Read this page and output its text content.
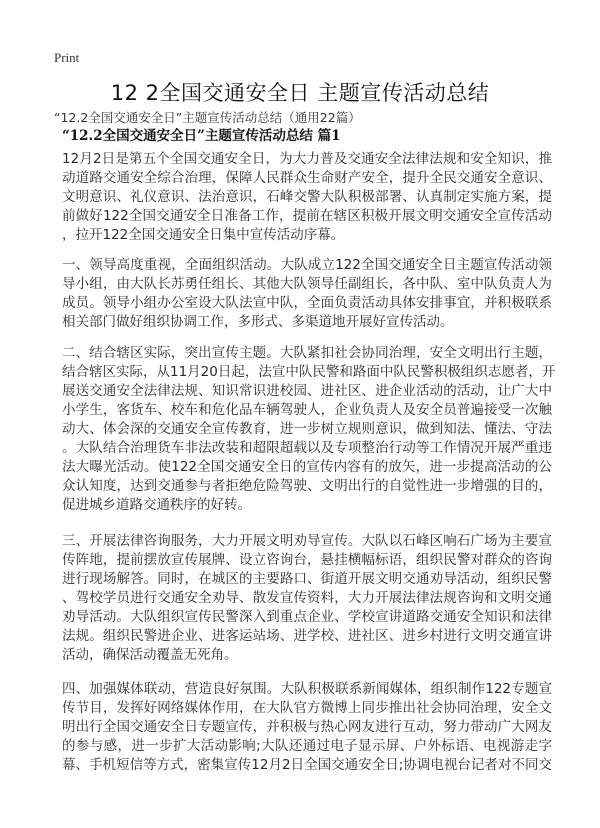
Print
12 2全国交通安全日 主题宣传活动总结
“12.2全国交通安全日”主题宣传活动总结（通用22篇）
“12.2全国交通安全日”主题宣传活动总结 篇1
12月2日是第五个全国交通安全日，为大力普及交通安全法律法规和安全知识，推
动道路交通安全综合治理，保障人民群众生命财产安全，提升全民交通安全意识、
文明意识、礼仪意识、法治意识，石峰交警大队积极部署、认真制定实施方案，提
前做好122全国交通安全日准备工作，提前在辖区积极开展文明交通安全宣传活动
，拉开122全国交通安全日集中宣传活动序幕。
一、领导高度重视，全面组织活动。大队成立122全国交通安全日主题宣传活动领
导小组，由大队长苏勇任组长、其他大队领导任副组长，各中队、室中队负责人为
成员。领导小组办公室设大队法宣中队，全面负责活动具体安排事宜，并积极联系
相关部门做好组织协调工作，多形式、多渠道地开展好宣传活动。
二、结合辖区实际，突出宣传主题。大队紧扣社会协同治理，安全文明出行主题，
结合辖区实际，从11月20日起，法宣中队民警和路面中队民警积极组织志愿者，开
展送交通安全法律法规、知识常识进校园、进社区、进企业活动的活动，让广大中
小学生，客货车、校车和危化品车辆驾驶人，企业负责人及安全员普遍接受一次触
动大、体会深的交通安全宣传教育，进一步树立规则意识，做到知法、懂法、守法
。大队结合治理货车非法改装和超限超载以及专项整治行动等工作情况开展严重违
法大曝光活动。使122全国交通安全日的宣传内容有的放矢，进一步提高活动的公
众认知度，达到交通参与者拒绝危险驾驶、文明出行的自觉性进一步增强的目的，
促进城乡道路交通秩序的好转。
三、开展法律咨询服务，大力开展文明劝导宣传。大队以石峰区响石广场为主要宣
传阵地，提前摆放宣传展牌、设立咨询台，悬挂横幅标语，组织民警对群众的咨询
进行现场解答。同时，在城区的主要路口、街道开展文明交通劝导活动，组织民警
、驾校学员进行交通安全劝导、散发宣传资料，大力开展法律法规咨询和文明交通
劝导活动。大队组织宣传民警深入到重点企业、学校宣讲道路交通安全知识和法律
法规。组织民警进企业、进客运站场、进学校、进社区、进乡村进行文明交通宣讲
活动，确保活动覆盖无死角。
四、加强媒体联动，营造良好氛围。大队积极联系新闻媒体，组织制作122专题宣
传节目，发挥好网络媒体作用，在大队官方微博上同步推出社会协同治理，安全文
明出行全国交通安全日专题宣传，并积极与热心网友进行互动，努力带动广大网友
的参与感，进一步扩大活动影响;大队还通过电子显示屏、户外标语、电视游走字
幕、手机短信等方式，密集宣传12月2日全国交通安全日;协调电视台记者对不同交
